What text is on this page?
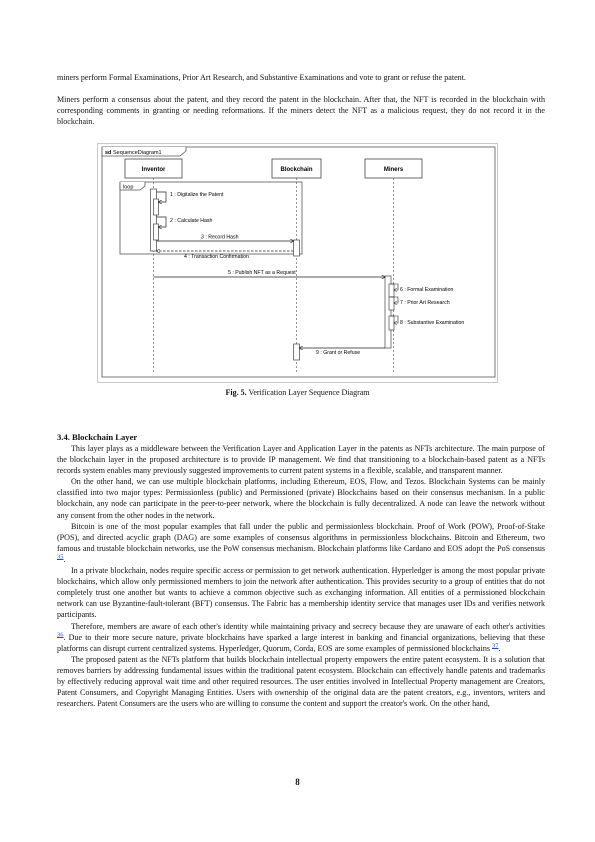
miners perform Formal Examinations, Prior Art Research, and Substantive Examinations and vote to grant or refuse the patent.

Miners perform a consensus about the patent, and they record the patent in the blockchain. After that, the NFT is recorded in the blockchain with corresponding comments in granting or needing reformations. If the miners detect the NFT as a malicious request, they do not record it in the blockchain.

sd SequenceDiagram1
Inventor	Blockchain	Miners
loop
1 : Digitalize the Patent
2 : Calculate Hash
3 : Record Hash
4 : Transaction Confirmation
5 : Publish NFT as a Request
6 : Formal Examination
7 : Prior Art Research
8 : Substantive Examination
9 : Grant or Refuse
Fig. 5. Verification Layer Sequence Diagram
3.4. Blockchain Layer

This layer plays as a middleware between the Verification Layer and Application Layer in the patents as NFTs architecture. The main purpose of the blockchain layer in the proposed architecture is to provide IP management. We find that transitioning to a blockchain-based patent as a NFTs records system enables many previously suggested improvements to current patent systems in a flexible, scalable, and transparent manner.

On the other hand, we can use multiple blockchain platforms, including Ethereum, EOS, Flow, and Tezos. Blockchain Systems can be mainly classified into two major types: Permissionless (public) and Permissioned (private) Blockchains based on their consensus mechanism. In a public blockchain, any node can participate in the peer-to-peer network, where the blockchain is fully decentralized. A node can leave the network without any consent from the other nodes in the network.

Bitcoin is one of the most popular examples that fall under the public and permissionless blockchain. Proof of Work (POW), Proof-of-Stake (POS), and directed acyclic graph (DAG) are some examples of consensus algorithms in permissionless blockchains. Bitcoin and Ethereum, two famous and trustable blockchain networks, use the PoW consensus mechanism. Blockchain platforms like Cardano and EOS adopt the PoS consensus $^{35}$.

In a private blockchain, nodes require specific access or permission to get network authentication. Hyperledger is among the most popular private blockchains, which allow only permissioned members to join the network after authentication. This provides security to a group of entities that do not completely trust one another but wants to achieve a common objective such as exchanging information. All entities of a permissioned blockchain network can use Byzantine-fault-tolerant (BFT) consensus. The Fabric has a membership identity service that manages user IDs and verifies network participants.

Therefore, members are aware of each other's identity while maintaining privacy and secrecy because they are unaware of each other's activities $^{36}$. Due to their more secure nature, private blockchains have sparked a large interest in banking and financial organizations, believing that these platforms can disrupt current centralized systems. Hyperledger, Quorum, Corda, EOS are some examples of permissioned blockchains $^{37}$.

The proposed patent as the NFTs platform that builds blockchain intellectual property empowers the entire patent ecosystem. It is a solution that removes barriers by addressing fundamental issues within the traditional patent ecosystem. Blockchain can effectively handle patents and trademarks by effectively reducing approval wait time and other required resources. The user entities involved in Intellectual Property management are Creators, Patent Consumers, and Copyright Managing Entities. Users with ownership of the original data are the patent creators, e.g., inventors, writers and researchers. Patent Consumers are the users who are willing to consume the content and support the creator's work. On the other hand,

8
